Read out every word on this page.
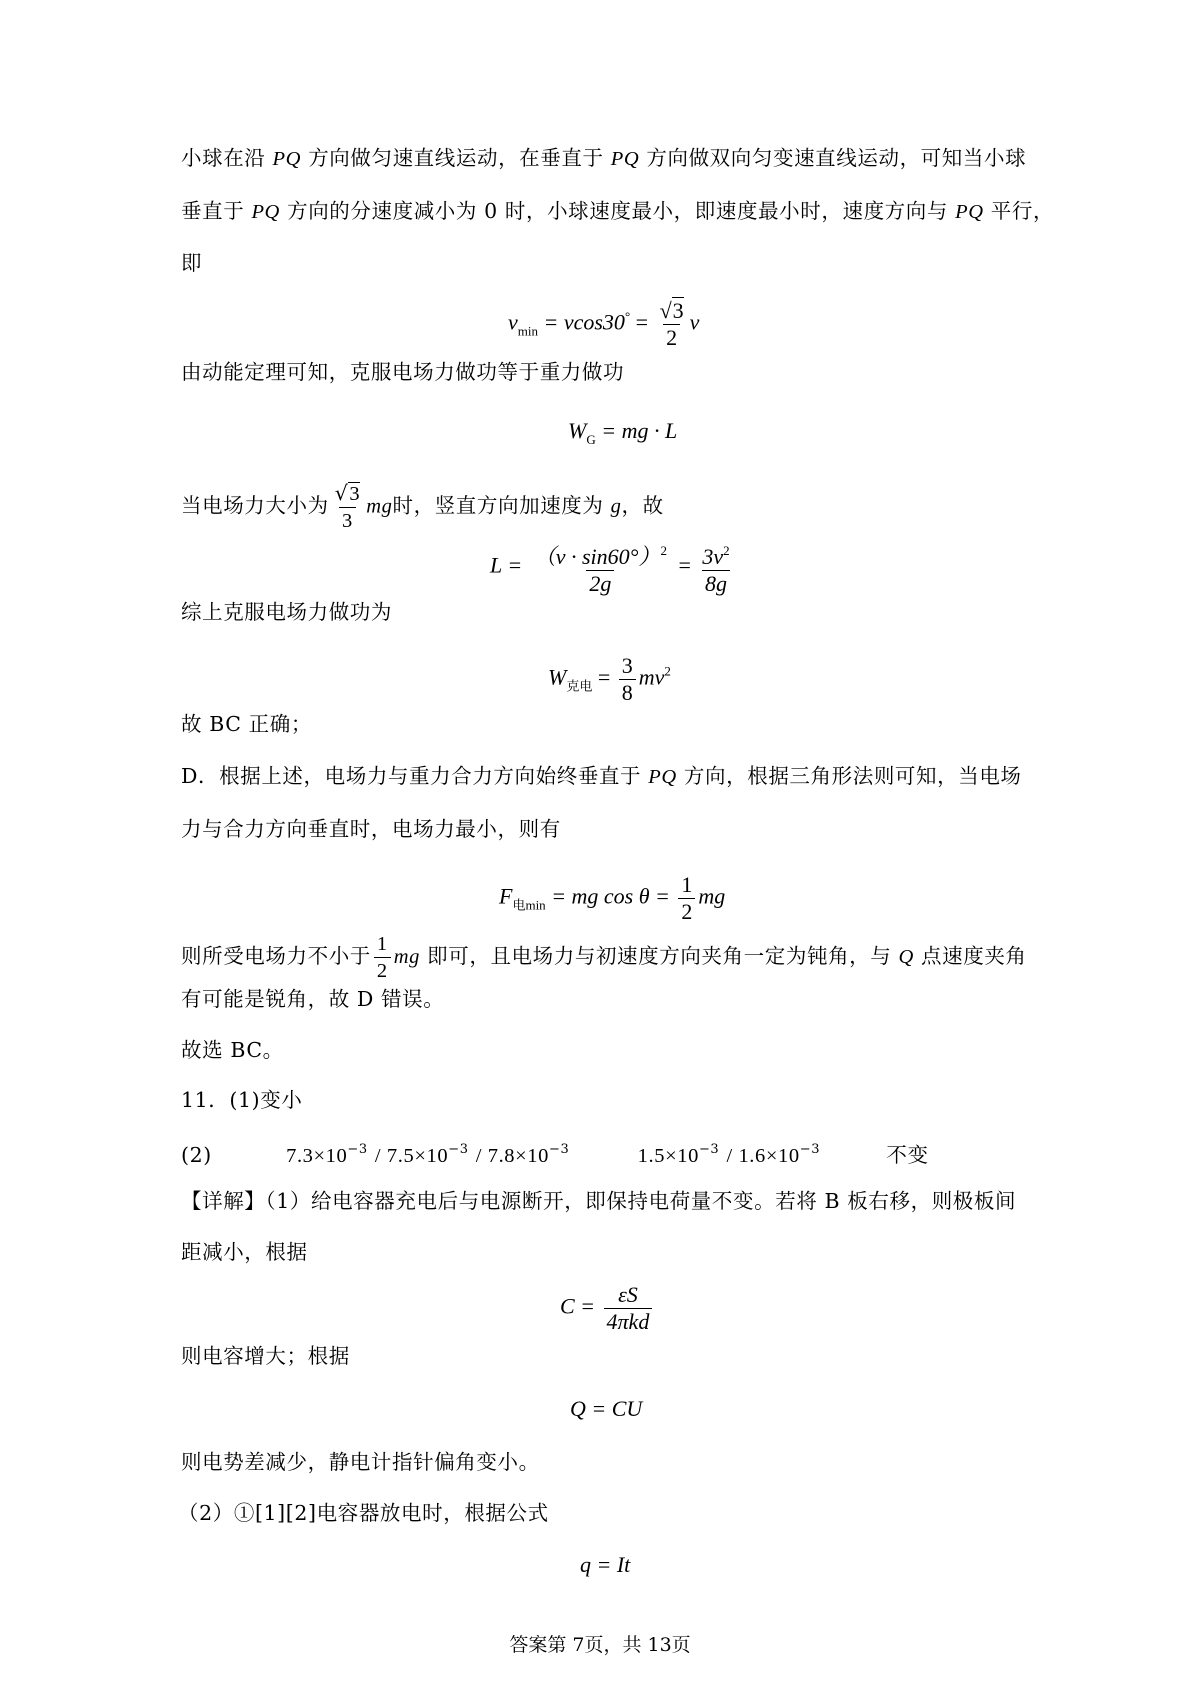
小球在沿 PQ 方向做匀速直线运动，在垂直于 PQ 方向做双向匀变速直线运动，可知当小球
垂直于 PQ 方向的分速度减小为 0 时，小球速度最小，即速度最小时，速度方向与 PQ 平行，
即
$v_{min} = vcos30^\circ = \frac{√3}{2}$ v
由动能定理可知，克服电场力做功等于重力做功
$W_G$ = mg · L
当电场力大小为 $\frac{√3}{3}$ mg时，竖直方向加速度为 g，故
$L = \frac{(v \cdot \sin 60^\circ)^2}{2g} = \frac{3v^2}{8g}$
综上克服电场力做功为
$W_{克电} = \frac{3}{8} mv^2$
故 BC 正确；
D．根据上述，电场力与重力合力方向始终垂直于 PQ 方向，根据三角形法则可知，当电场
力与合力方向垂直时，电场力最小，则有
$F_{电min}$ = mg $\cos \theta = \frac{1}{2}$ mg
则所受电场力不小于 $\frac{1}{2}$ mg 即可，且电场力与初速度方向夹角一定为钝角，与 Q 点速度夹角
有可能是锐角，故 D 错误。
故选 BC。
11．(1)变小
(2)	$7.3\times 10^{-3} / 7.5\times 10^{-3} / 7.8\times 10^{-3}$	$1.5\times 10^{-3} / 1.6\times 10^{-3}$	不变
【详解】（1）给电容器充电后与电源断开，即保持电荷量不变。若将 B 板右移，则极板间
距减小，根据
$C = \frac{\varepsilon S}{\text{4πkd}}$
则电容增大；根据
Q = CU
则电势差减少，静电计指针偏角变小。
（2）①[1][2]电容器放电时，根据公式
q = It
答案第 7页，共 13页
